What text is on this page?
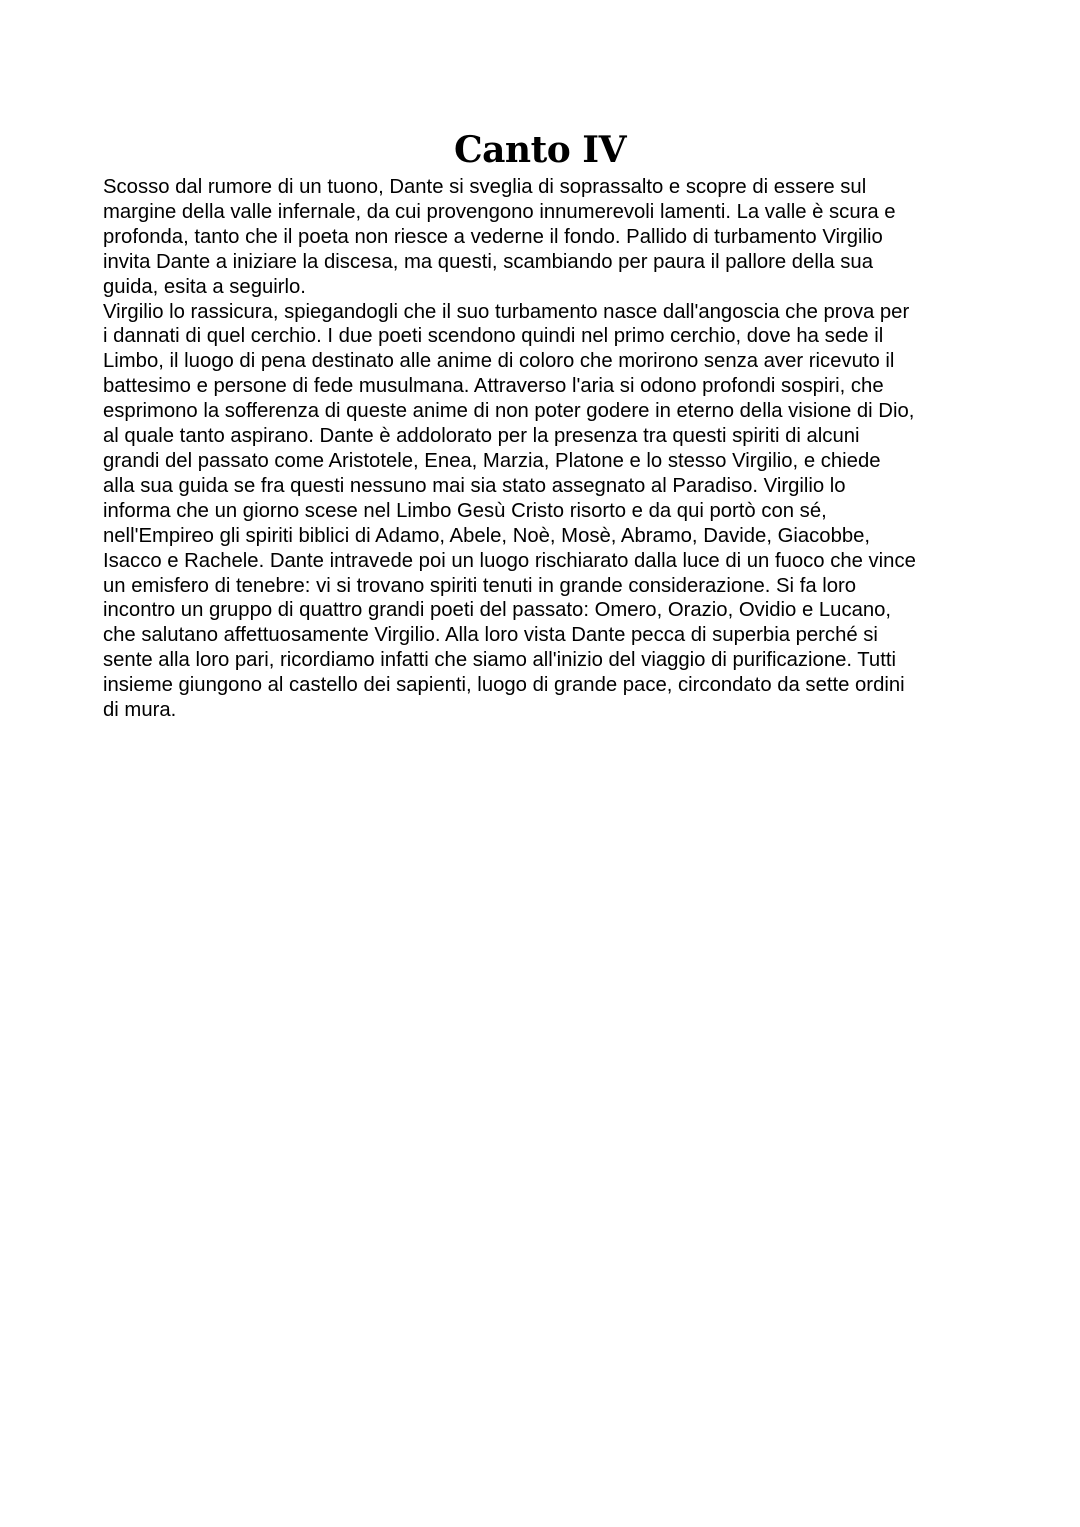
Canto IV
Scosso dal rumore di un tuono, Dante si sveglia di soprassalto e scopre di essere sul
margine della valle infernale, da cui provengono innumerevoli lamenti. La valle è scura e
profonda, tanto che il poeta non riesce a vederne il fondo. Pallido di turbamento Virgilio
invita Dante a iniziare la discesa, ma questi, scambiando per paura il pallore della sua
guida, esita a seguirlo.
Virgilio lo rassicura, spiegandogli che il suo turbamento nasce dall'angoscia che prova per
i dannati di quel cerchio. I due poeti scendono quindi nel primo cerchio, dove ha sede il
Limbo, il luogo di pena destinato alle anime di coloro che morirono senza aver ricevuto il
battesimo e persone di fede musulmana. Attraverso l'aria si odono profondi sospiri, che
esprimono la sofferenza di queste anime di non poter godere in eterno della visione di Dio,
al quale tanto aspirano. Dante è addolorato per la presenza tra questi spiriti di alcuni
grandi del passato come Aristotele, Enea, Marzia, Platone e lo stesso Virgilio, e chiede
alla sua guida se fra questi nessuno mai sia stato assegnato al Paradiso. Virgilio lo
informa che un giorno scese nel Limbo Gesù Cristo risorto e da qui portò con sé,
nell'Empireo gli spiriti biblici di Adamo, Abele, Noè, Mosè, Abramo, Davide, Giacobbe,
Isacco e Rachele. Dante intravede poi un luogo rischiarato dalla luce di un fuoco che vince
un emisfero di tenebre: vi si trovano spiriti tenuti in grande considerazione. Si fa loro
incontro un gruppo di quattro grandi poeti del passato: Omero, Orazio, Ovidio e Lucano,
che salutano affettuosamente Virgilio. Alla loro vista Dante pecca di superbia perché si
sente alla loro pari, ricordiamo infatti che siamo all'inizio del viaggio di purificazione. Tutti
insieme giungono al castello dei sapienti, luogo di grande pace, circondato da sette ordini
di mura.
